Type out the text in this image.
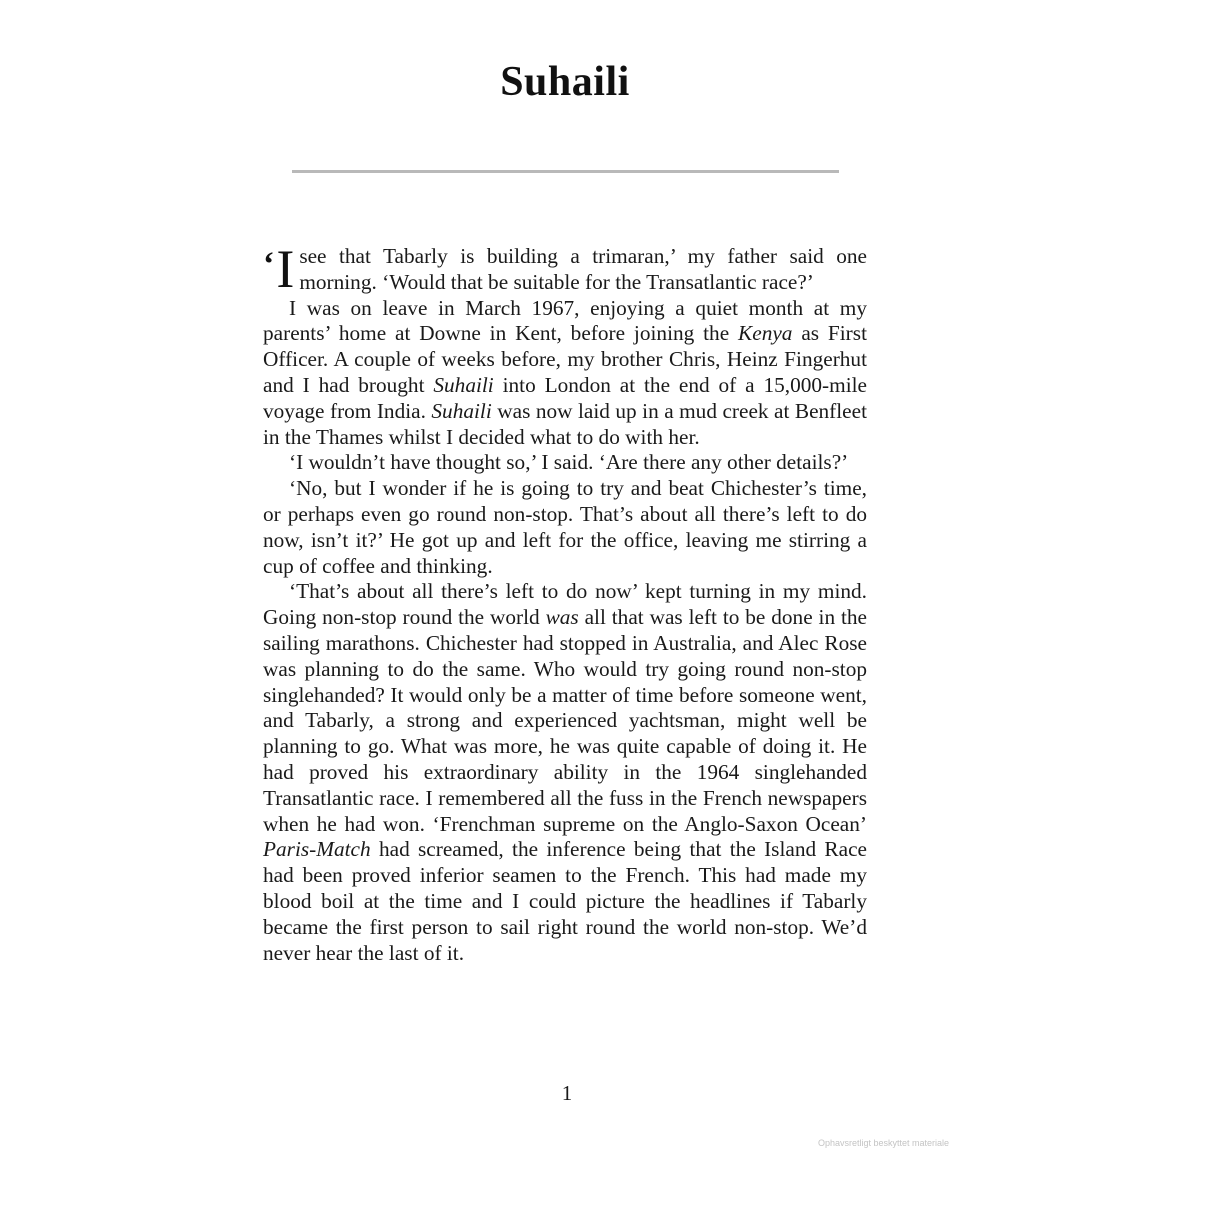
Suhaili

‘ I see that Tabarly is building a trimaran,’ my father said one morning. ‘Would that be suitable for the Transatlantic race?’

I was on leave in March 1967, enjoying a quiet month at my parents’ home at Downe in Kent, before joining the Kenya as First Officer. A couple of weeks before, my brother Chris, Heinz Fingerhut and I had brought Suhaili into London at the end of a 15,000-mile voyage from India. Suhaili was now laid up in a mud creek at Benfleet in the Thames whilst I decided what to do with her.

‘I wouldn’t have thought so,’ I said. ‘Are there any other details?’

‘No, but I wonder if he is going to try and beat Chichester’s time, or perhaps even go round non-stop. That’s about all there’s left to do now, isn’t it?’ He got up and left for the office, leaving me stirring a cup of coffee and thinking.

‘That’s about all there’s left to do now’ kept turning in my mind. Going non-stop round the world was all that was left to be done in the sailing marathons. Chichester had stopped in Australia, and Alec Rose was planning to do the same. Who would try going round non-stop singlehanded? It would only be a matter of time before someone went, and Tabarly, a strong and experienced yachtsman, might well be planning to go. What was more, he was quite capable of doing it. He had proved his extraordinary ability in the 1964 singlehanded Transatlantic race. I remembered all the fuss in the French newspapers when he had won. ‘Frenchman supreme on the Anglo-Saxon Ocean’ Paris-Match had screamed, the inference being that the Island Race had been proved inferior seamen to the French. This had made my blood boil at the time and I could picture the headlines if Tabarly became the first person to sail right round the world non-stop. We’d never hear the last of it.

1
Ophavsretligt beskyttet materiale
